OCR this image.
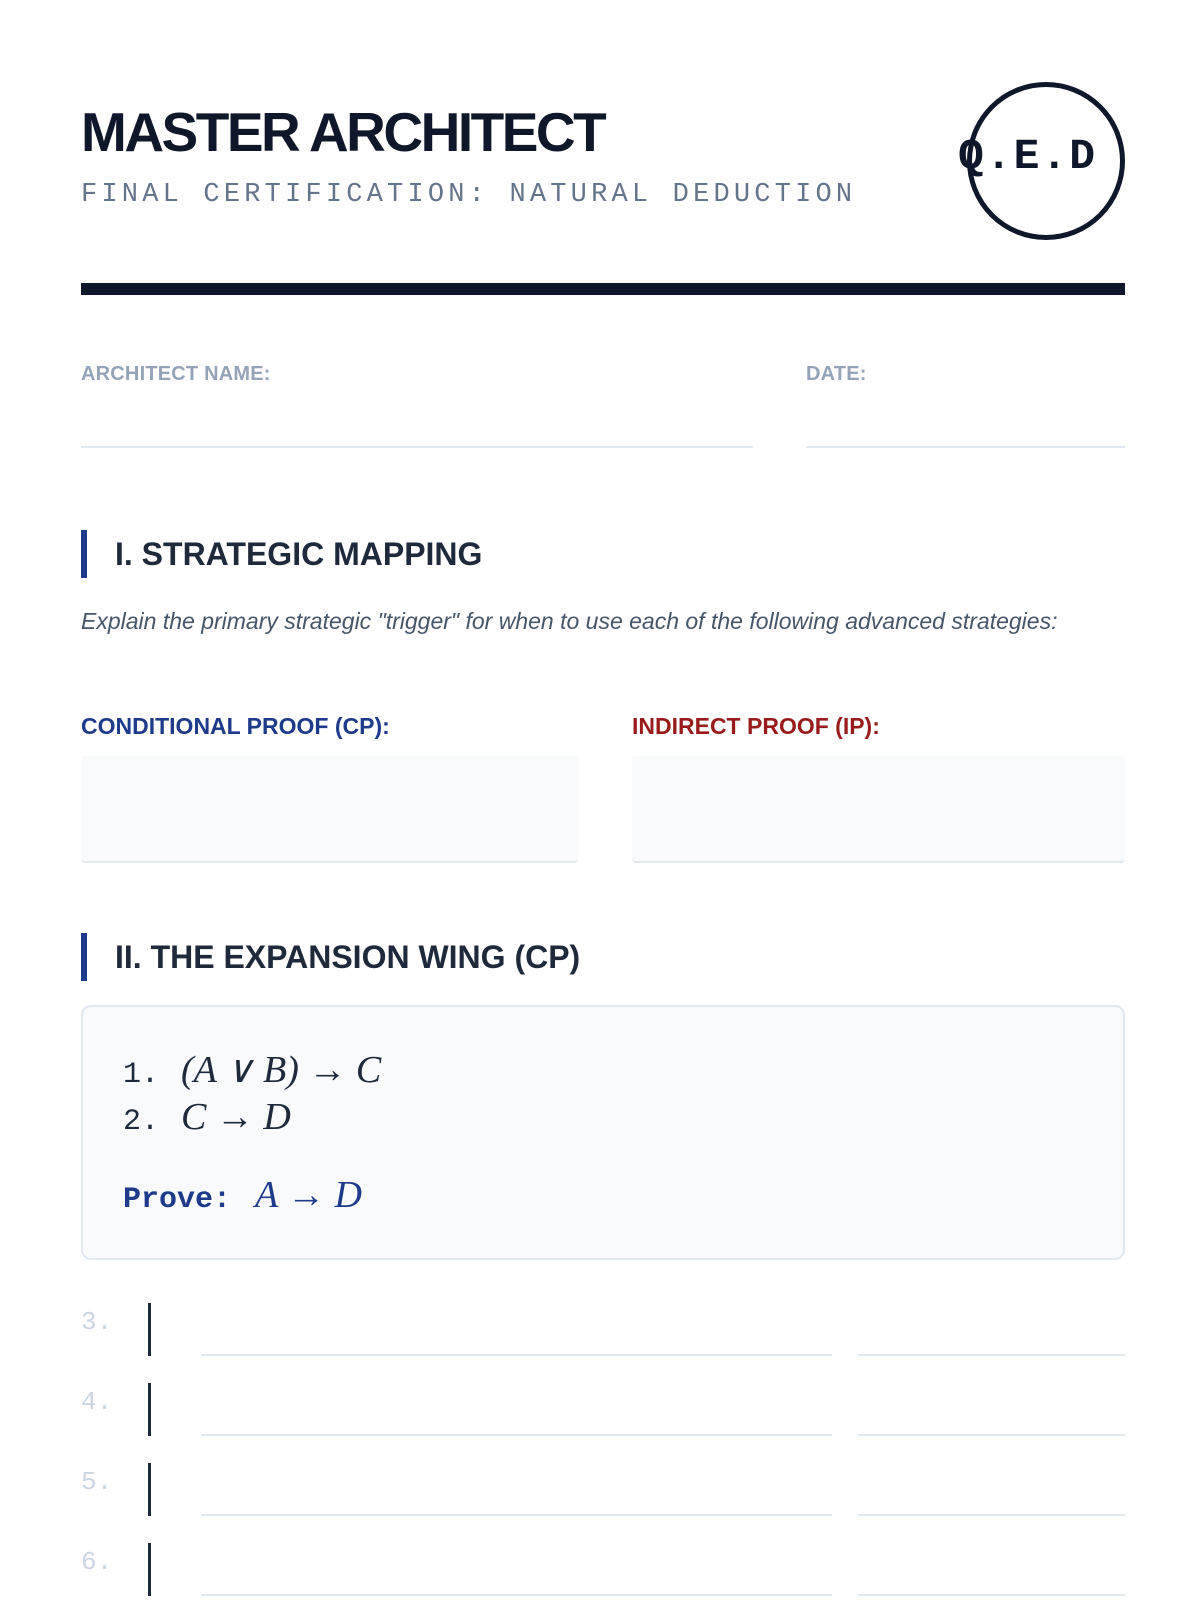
MASTER ARCHITECT
FINAL CERTIFICATION: NATURAL DEDUCTION
Q.E.D
ARCHITECT NAME:	DATE:
I. STRATEGIC MAPPING

Explain the primary strategic "trigger" for when to use each of the following advanced strategies:

CONDITIONAL PROOF (CP):	INDIRECT PROOF (IP):
II. THE EXPANSION WING (CP)
1. (A ∨ B) → C
2. C → D
Prove: A → D
3.
4.
5.
6.
